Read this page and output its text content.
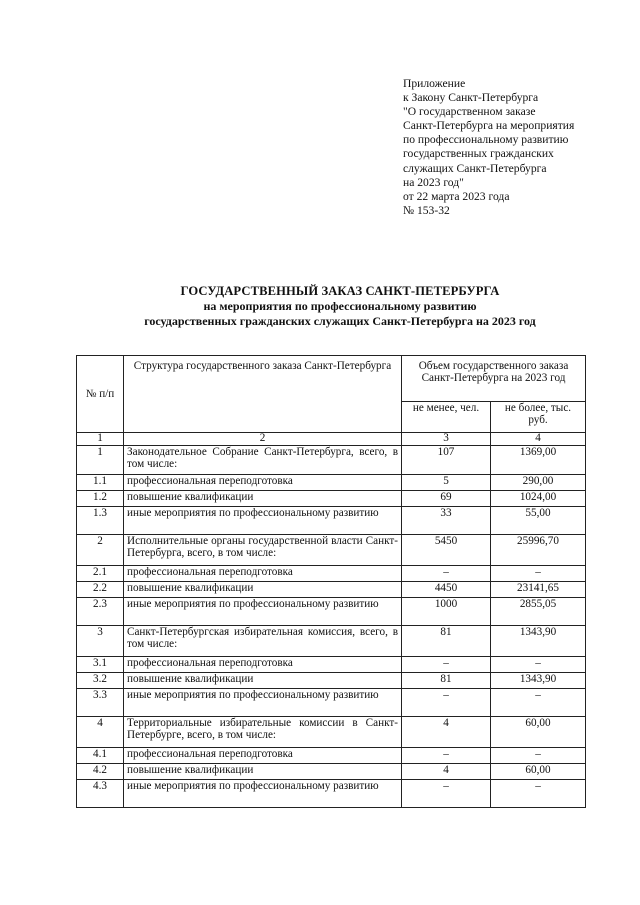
Приложение
к Закону Санкт-Петербурга
"О государственном заказе
Санкт-Петербурга на мероприятия
по профессиональному развитию
государственных гражданских
служащих Санкт-Петербурга
на 2023 год"
от 22 марта 2023 года
№ 153-32
ГОСУДАРСТВЕННЫЙ ЗАКАЗ САНКТ-ПЕТЕРБУРГА
на мероприятия по профессиональному развитию
государственных гражданских служащих Санкт-Петербурга на 2023 год
№ п/п	Структура государственного заказа Санкт-Петербурга	Объем государственного заказа Санкт-Петербурга на 2023 год	
		не менее, чел.	не более, тыс. руб.
1	2	3	4
1	Законодательное Собрание Санкт-Петербурга, всего, в том числе:	107	1369,00
1.1	профессиональная переподготовка	5	290,00
1.2	повышение квалификации	69	1024,00
1.3	иные мероприятия по профессиональному развитию	33	55,00
2	Исполнительные органы государственной власти Санкт-Петербурга, всего, в том числе:	5450	25996,70
2.1	профессиональная переподготовка	–	–
2.2	повышение квалификации	4450	23141,65
2.3	иные мероприятия по профессиональному развитию	1000	2855,05
3	Санкт-Петербургская избирательная комиссия, всего, в том числе:	81	1343,90
3.1	профессиональная переподготовка	–	–
3.2	повышение квалификации	81	1343,90
3.3	иные мероприятия по профессиональному развитию	–	–
4	Территориальные избирательные комиссии в Санкт-Петербурге, всего, в том числе:	4	60,00
4.1	профессиональная переподготовка	–	–
4.2	повышение квалификации	4	60,00
4.3	иные мероприятия по профессиональному развитию	–	–
